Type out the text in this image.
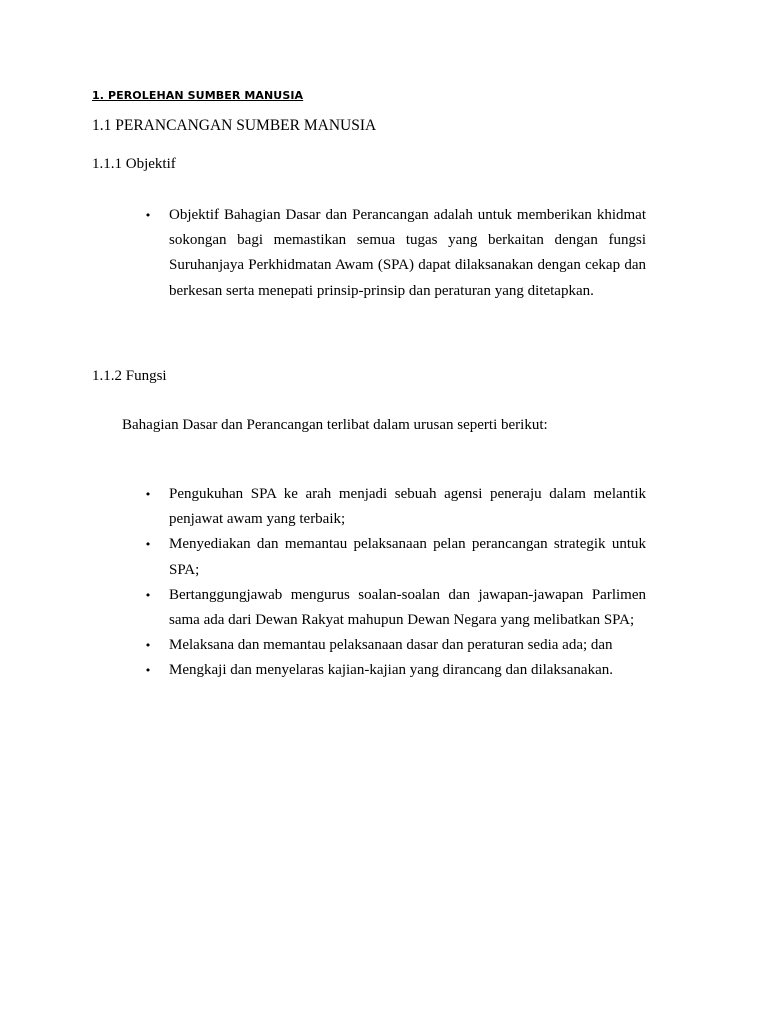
1. PEROLEHAN SUMBER MANUSIA
1.1 PERANCANGAN SUMBER MANUSIA
1.1.1 Objektif
• Objektif Bahagian Dasar dan Perancangan adalah untuk memberikan khidmat sokongan bagi memastikan semua tugas yang berkaitan dengan fungsi Suruhanjaya Perkhidmatan Awam (SPA) dapat dilaksanakan dengan cekap dan berkesan serta menepati prinsip-prinsip dan peraturan yang ditetapkan.
1.1.2 Fungsi
Bahagian Dasar dan Perancangan terlibat dalam urusan seperti berikut:
• Pengukuhan SPA ke arah menjadi sebuah agensi peneraju dalam melantik penjawat awam yang terbaik;
• Menyediakan dan memantau pelaksanaan pelan perancangan strategik untuk SPA;
• Bertanggungjawab mengurus soalan-soalan dan jawapan-jawapan Parlimen sama ada dari Dewan Rakyat mahupun Dewan Negara yang melibatkan SPA;
• Melaksana dan memantau pelaksanaan dasar dan peraturan sedia ada; dan
• Mengkaji dan menyelaras kajian-kajian yang dirancang dan dilaksanakan.
